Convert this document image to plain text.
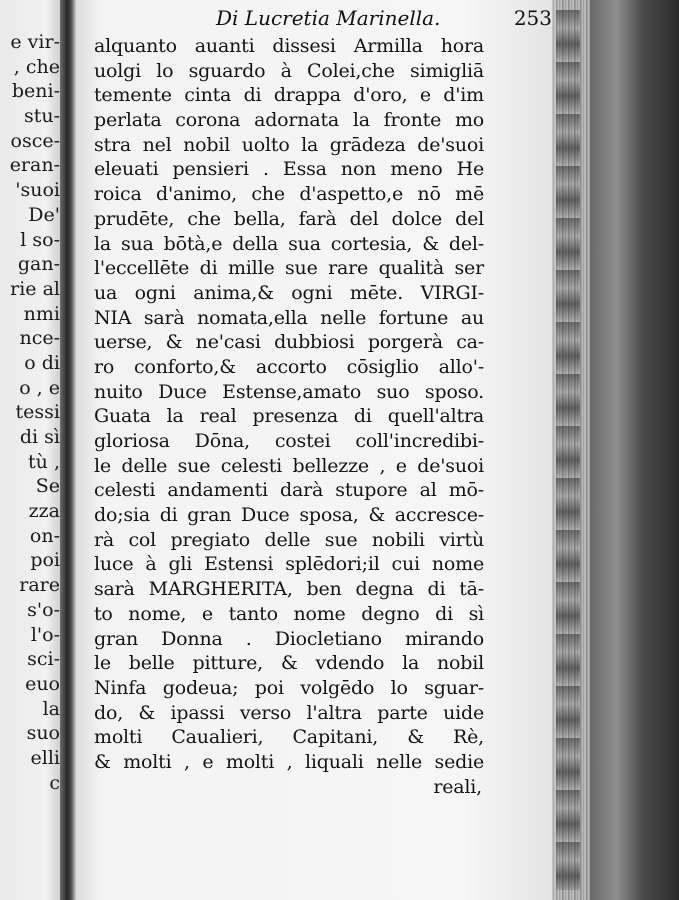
e vir-
, che
beni-
stu-
osce-
eran-
'suoi
De'
l so-
gan-
rie al
nmi
nce-
o di
o , e
tessi
di sì
tù ,
Se
zza
on-
poi
rare
s'o-
l'o-
sci-
euo
la
suo
elli
c
Di Lucretia Marinella.	253
alquanto auanti dissesi Armilla hora
uolgi lo sguardo à Colei,che simigliā
temente cinta di drappa d'oro, e d'im
perlata corona adornata la fronte mo
stra nel nobil uolto la grādeza de'suoi
eleuati pensieri . Essa non meno He
roica d'animo, che d'aspetto,e nō mē
prudēte, che bella, farà del dolce del
la sua bōtà,e della sua cortesia, & del-
l'eccellēte di mille sue rare qualità ser
ua ogni anima,& ogni mēte. VIRGI-
NIA sarà nomata,ella nelle fortune au
uerse, & ne'casi dubbiosi porgerà ca-
ro conforto,& accorto cōsiglio allo'-
nuito Duce Estense,amato suo sposo.
Guata la real presenza di quell'altra
gloriosa Dōna, costei coll'incredibi-
le delle sue celesti bellezze , e de'suoi
celesti andamenti darà stupore al mō-
do;sia di gran Duce sposa, & accresce-
rà col pregiato delle sue nobili virtù
luce à gli Estensi splēdori;il cui nome
sarà MARGHERITA, ben degna di tā-
to nome, e tanto nome degno di sì
gran Donna . Diocletiano mirando
le belle pitture, & vdendo la nobil
Ninfa godeua; poi volgēdo lo sguar-
do, & ipassi verso l'altra parte uide
molti Caualieri, Capitani, & Rè,
& molti , e molti , liquali nelle sedie
reali,
